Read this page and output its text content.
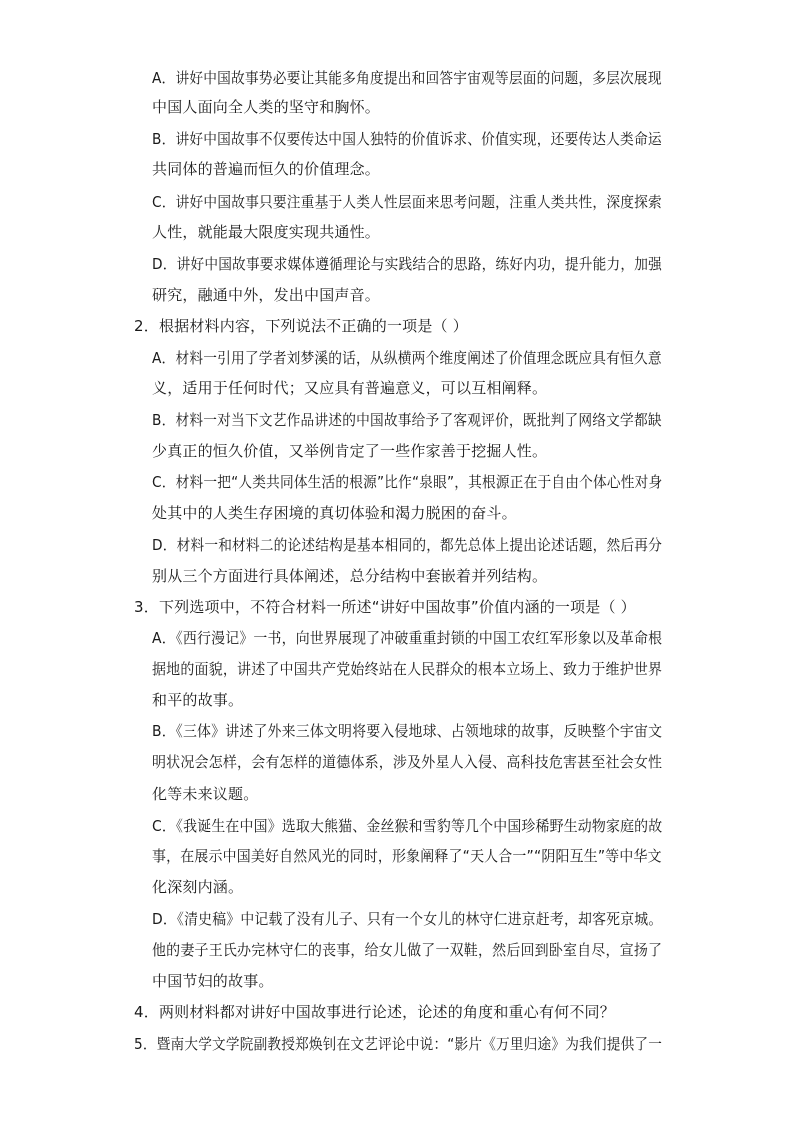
A．讲好中国故事势必要让其能多角度提出和回答宇宙观等层面的问题，多层次展现
中国人面向全人类的坚守和胸怀。
B．讲好中国故事不仅要传达中国人独特的价值诉求、价值实现，还要传达人类命运
共同体的普遍而恒久的价值理念。
C．讲好中国故事只要注重基于人类人性层面来思考问题，注重人类共性，深度探索
人性，就能最大限度实现共通性。
D．讲好中国故事要求媒体遵循理论与实践结合的思路，练好内功，提升能力，加强
研究，融通中外，发出中国声音。
2．根据材料内容，下列说法不正确的一项是（ ）
A．材料一引用了学者刘梦溪的话，从纵横两个维度阐述了价值理念既应具有恒久意
义，适用于任何时代；又应具有普遍意义，可以互相阐释。
B．材料一对当下文艺作品讲述的中国故事给予了客观评价，既批判了网络文学都缺
少真正的恒久价值，又举例肯定了一些作家善于挖掘人性。
C．材料一把“人类共同体生活的根源”比作“泉眼”，其根源正在于自由个体心性对身
处其中的人类生存困境的真切体验和渴力脱困的奋斗。
D．材料一和材料二的论述结构是基本相同的，都先总体上提出论述话题，然后再分
别从三个方面进行具体阐述，总分结构中套嵌着并列结构。
3．下列选项中，不符合材料一所述“讲好中国故事”价值内涵的一项是（ ）
A．《西行漫记》一书，向世界展现了冲破重重封锁的中国工农红军形象以及革命根
据地的面貌，讲述了中国共产党始终站在人民群众的根本立场上、致力于维护世界
和平的故事。
B．《三体》讲述了外来三体文明将要入侵地球、占领地球的故事，反映整个宇宙文
明状况会怎样，会有怎样的道德体系，涉及外星人入侵、高科技危害甚至社会女性
化等未来议题。
C．《我诞生在中国》选取大熊猫、金丝猴和雪豹等几个中国珍稀野生动物家庭的故
事，在展示中国美好自然风光的同时，形象阐释了“天人合一”“阴阳互生”等中华文
化深刻内涵。
D．《清史稿》中记载了没有儿子、只有一个女儿的林守仁进京赶考，却客死京城。
他的妻子王氏办完林守仁的丧事，给女儿做了一双鞋，然后回到卧室自尽，宣扬了
中国节妇的故事。
4．两则材料都对讲好中国故事进行论述，论述的角度和重心有何不同？
5．暨南大学文学院副教授郑焕钊在文艺评论中说：“影片《万里归途》为我们提供了一
